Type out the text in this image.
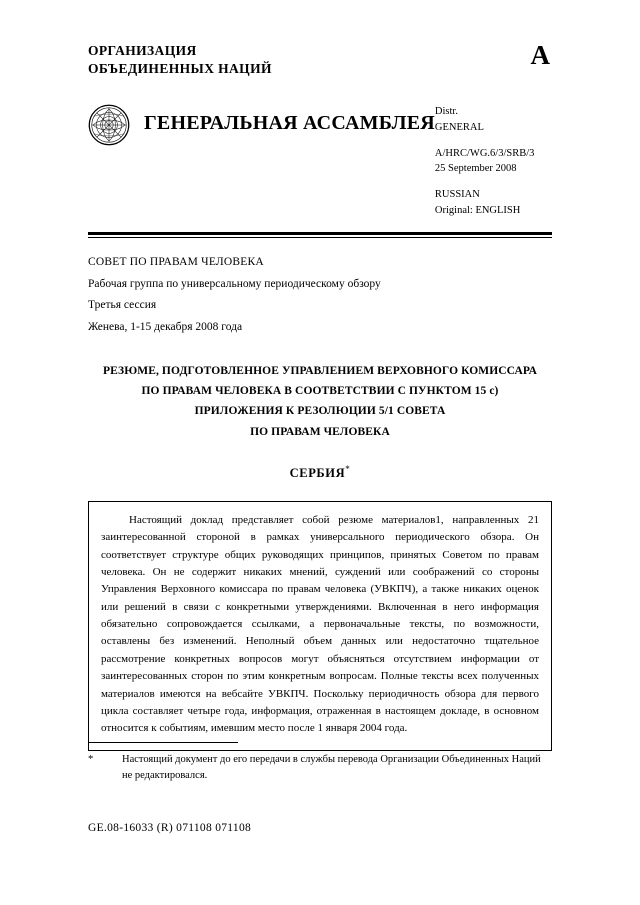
ОРГАНИЗАЦИЯ
ОБЪЕДИНЕННЫХ НАЦИЙ	A
ГЕНЕРАЛЬНАЯ АССАМБЛЕЯ
Distr.
GENERAL
A/HRC/WG.6/3/SRB/3
25 September 2008
RUSSIAN
Original: ENGLISH
СОВЕТ ПО ПРАВАМ ЧЕЛОВЕКА
Рабочая группа по универсальному периодическому обзору
Третья сессия
Женева, 1-15 декабря 2008 года
РЕЗЮМЕ, ПОДГОТОВЛЕННОЕ УПРАВЛЕНИЕМ ВЕРХОВНОГО КОМИССАРА
ПО ПРАВАМ ЧЕЛОВЕКА В СООТВЕТСТВИИ С ПУНКТОМ 15 с)
ПРИЛОЖЕНИЯ К РЕЗОЛЮЦИИ 5/1 СОВЕТА
ПО ПРАВАМ ЧЕЛОВЕКА
СЕРБИЯ*

Настоящий доклад представляет собой резюме материалов1, направленных 21 заинтересованной стороной в рамках универсального периодического обзора. Он соответствует структуре общих руководящих принципов, принятых Советом по правам человека. Он не содержит никаких мнений, суждений или соображений со стороны Управления Верховного комиссара по правам человека (УВКПЧ), а также никаких оценок или решений в связи с конкретными утверждениями. Включенная в него информация обязательно сопровождается ссылками, а первоначальные тексты, по возможности, оставлены без изменений. Неполный объем данных или недостаточно тщательное рассмотрение конкретных вопросов могут объясняться отсутствием информации от заинтересованных сторон по этим конкретным вопросам. Полные тексты всех полученных материалов имеются на вебсайте УВКПЧ. Поскольку периодичность обзора для первого цикла составляет четыре года, информация, отраженная в настоящем докладе, в основном относится к событиям, имевшим место после 1 января 2004 года.

*	Настоящий документ до его передачи в службы перевода Организации Объединенных Наций не редактировался.
GE.08-16033 (R) 071108 071108
